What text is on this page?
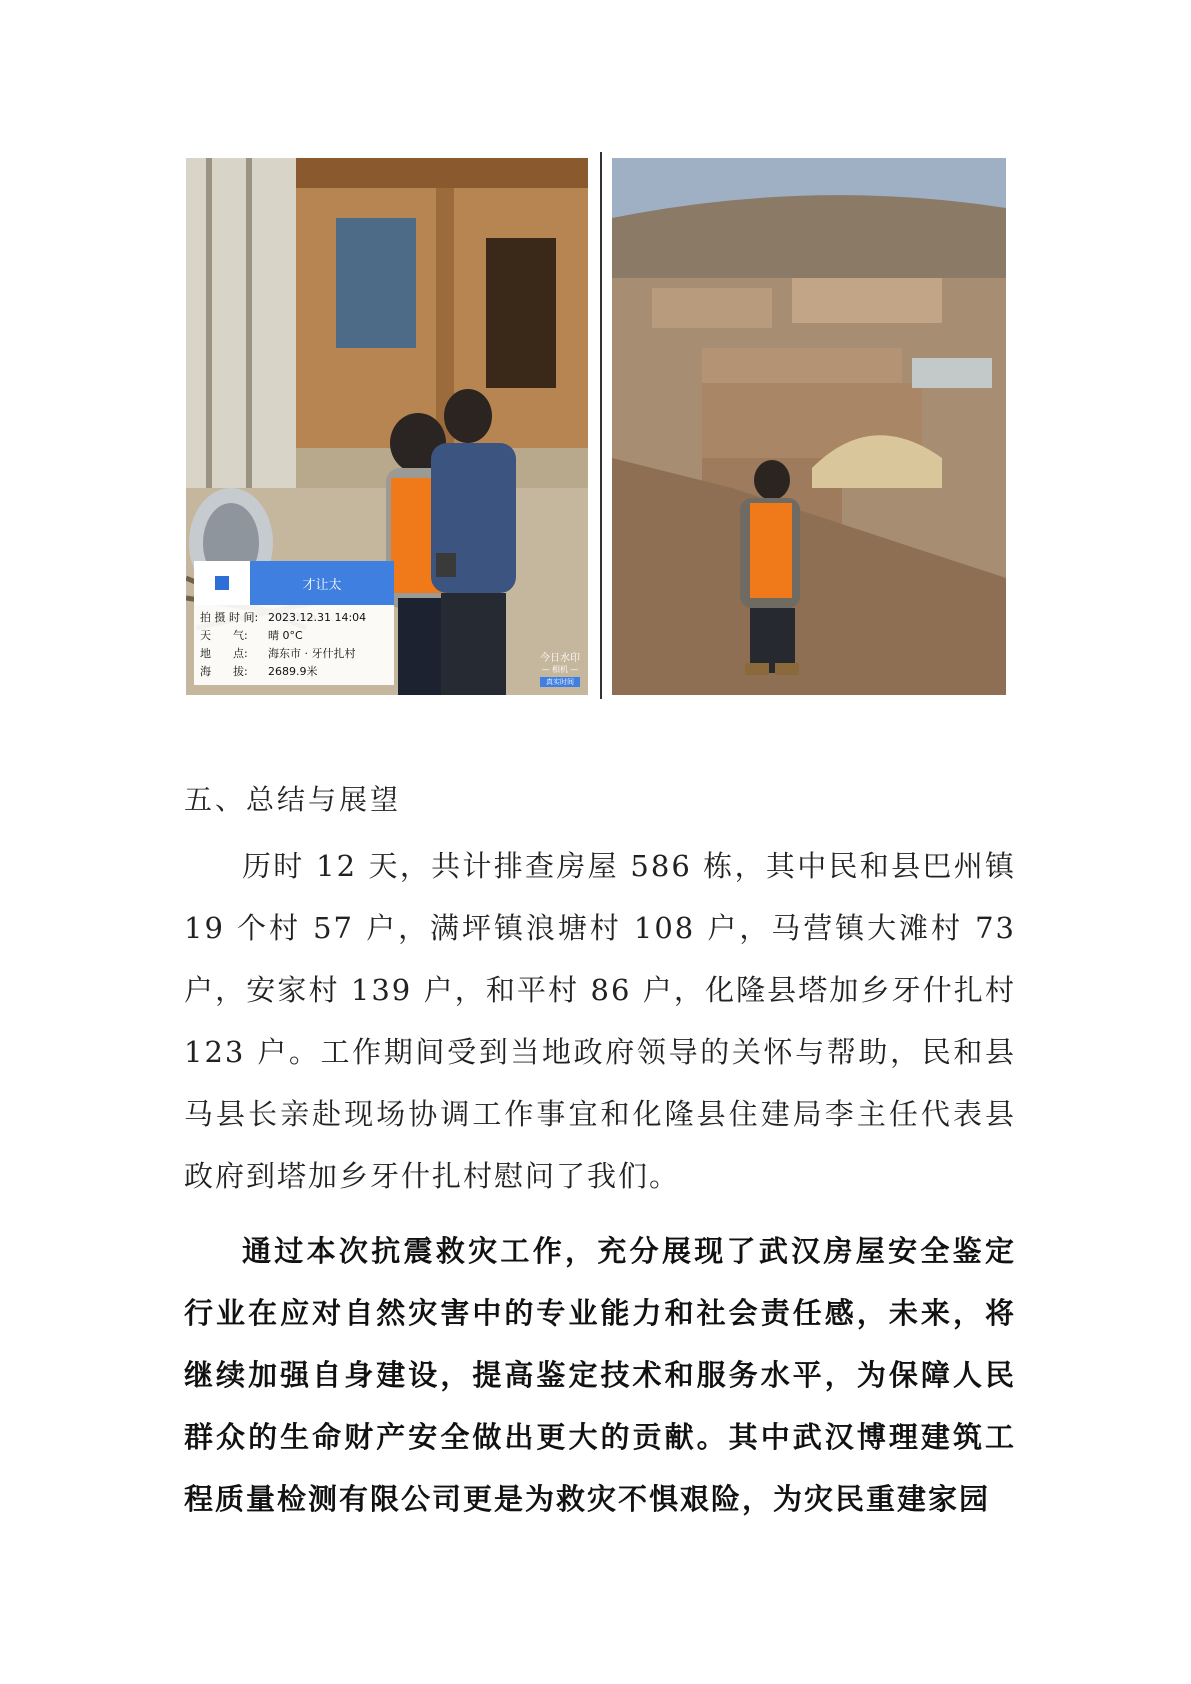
才让太
拍 摄 时 间: 2023.12.31 14:04
天　　气:	晴 0°C
地　　点:	海东市 · 牙什扎村
海　　拔:	2689.9米
今日水印
— 相机 —
真实时间
五、总结与展望

历时 12 天，共计排查房屋 586 栋，其中民和县巴州镇 19 个村 57 户，满坪镇浪塘村 108 户，马营镇大滩村 73 户，安家村 139 户，和平村 86 户，化隆县塔加乡牙什扎村 123 户。工作期间受到当地政府领导的关怀与帮助，民和县马县长亲赴现场协调工作事宜和化隆县住建局李主任代表县政府到塔加乡牙什扎村慰问了我们。

通过本次抗震救灾工作，充分展现了武汉房屋安全鉴定行业在应对自然灾害中的专业能力和社会责任感，未来，将继续加强自身建设，提高鉴定技术和服务水平，为保障人民群众的生命财产安全做出更大的贡献。其中武汉博理建筑工程质量检测有限公司更是为救灾不惧艰险，为灾民重建家园
